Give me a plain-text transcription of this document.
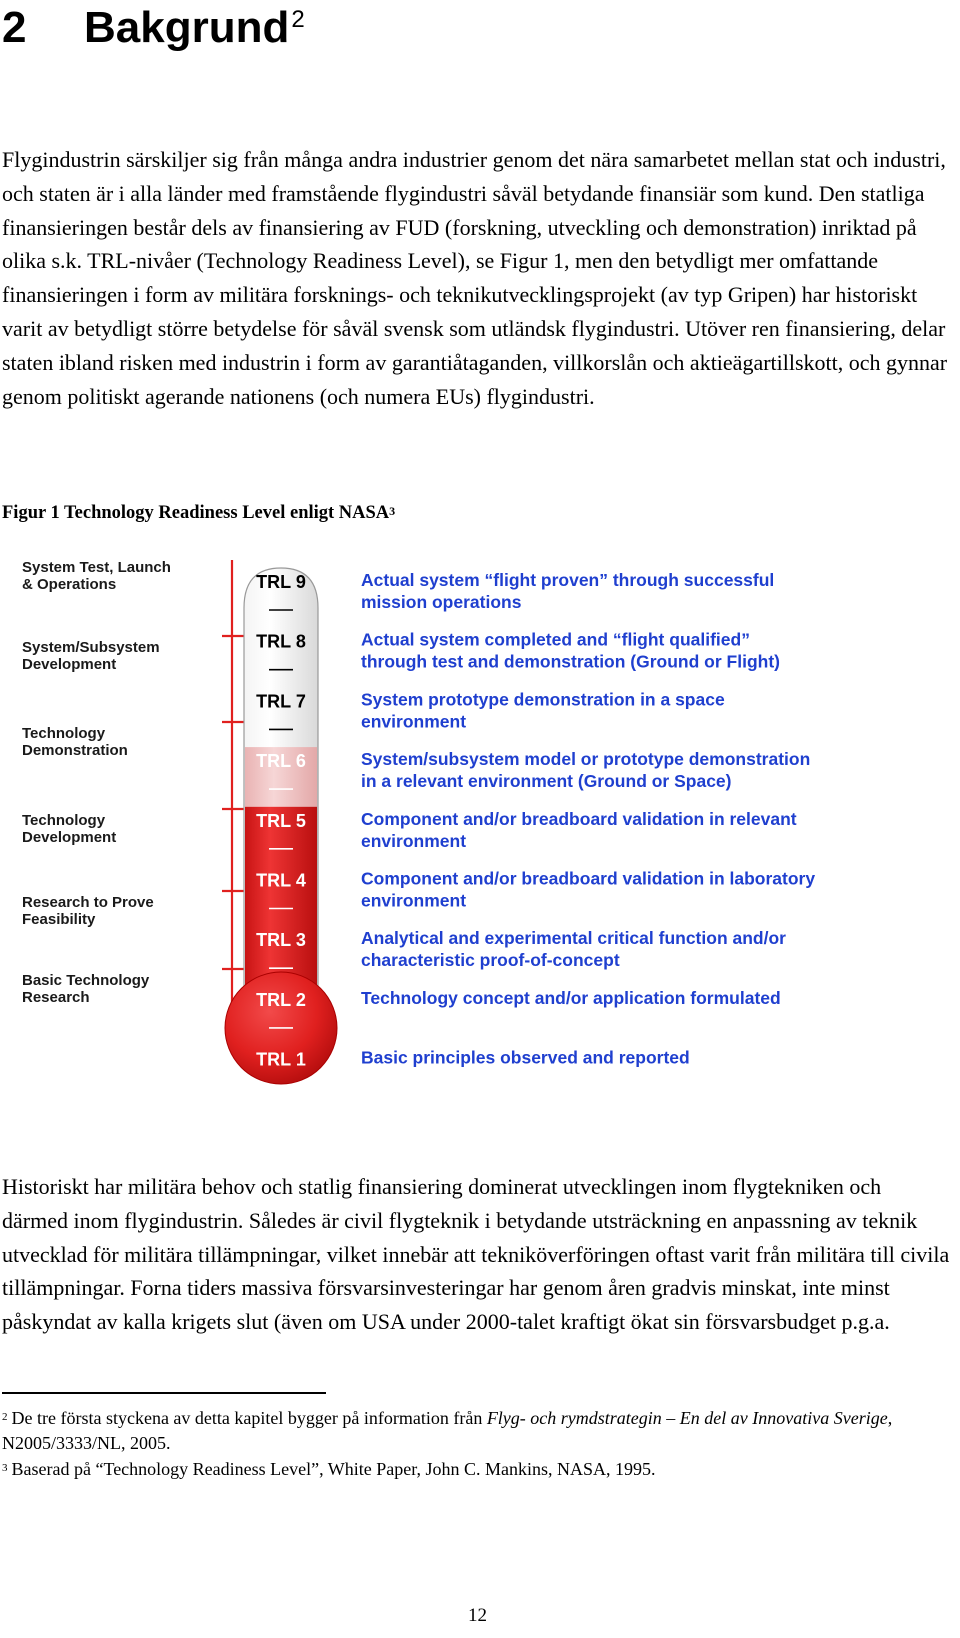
2 Bakgrund$^2$

Flygindustrin särskiljer sig från många andra industrier genom det nära samarbetet mellan stat och industri, och staten är i alla länder med framstående flygindustri såväl betydande finansiär som kund. Den statliga finansieringen består dels av finansiering av FUD (forskning, utveckling och demonstration) inriktad på olika s.k. TRL-nivåer (Technology Readiness Level), se Figur 1, men den betydligt mer omfattande finansieringen i form av militära forsknings- och teknikutvecklingsprojekt (av typ Gripen) har historiskt varit av betydligt större betydelse för såväl svensk som utländsk flygindustri. Utöver ren finansiering, delar staten ibland risken med industrin i form av garantiåtaganden, villkorslån och aktieägartillskott, och gynnar genom politiskt agerande nationens (och numera EUs) flygindustri.

Figur 1 Technology Readiness Level enligt NASA$^3$

System Test, Launch
& Operations
System/Subsystem
Development
Technology
Demonstration
Technology
Development
Research to Prove
Feasibility
Basic Technology
Research
TRL 9
TRL 8
TRL 7
TRL 6
TRL 5
TRL 4
TRL 3
TRL 2
TRL 1
Actual system “flight proven” through successful
mission operations
Actual system completed and “flight qualified”
through test and demonstration (Ground or Flight)
System prototype demonstration in a space
environment
System/subsystem model or prototype demonstration
in a relevant environment (Ground or Space)
Component and/or breadboard validation in relevant
environment
Component and/or breadboard validation in laboratory
environment
Analytical and experimental critical function and/or
characteristic proof-of-concept
Technology concept and/or application formulated
Basic principles observed and reported

Historiskt har militära behov och statlig finansiering dominerat utvecklingen inom flygtekniken och därmed inom flygindustrin. Således är civil flygteknik i betydande utsträckning en anpassning av teknik utvecklad för militära tillämpningar, vilket innebär att tekniköverföringen oftast varit från militära till civila tillämpningar. Forna tiders massiva försvarsinvesteringar har genom åren gradvis minskat, inte minst påskyndat av kalla krigets slut (även om USA under 2000-talet kraftigt ökat sin försvarsbudget p.g.a.

$^2$ De tre första styckena av detta kapitel bygger på information från Flyg- och rymdstrategin – En del av Innovativa Sverige, N2005/3333/NL, 2005.

$^3$ Baserad på “Technology Readiness Level”, White Paper, John C. Mankins, NASA, 1995.

12
